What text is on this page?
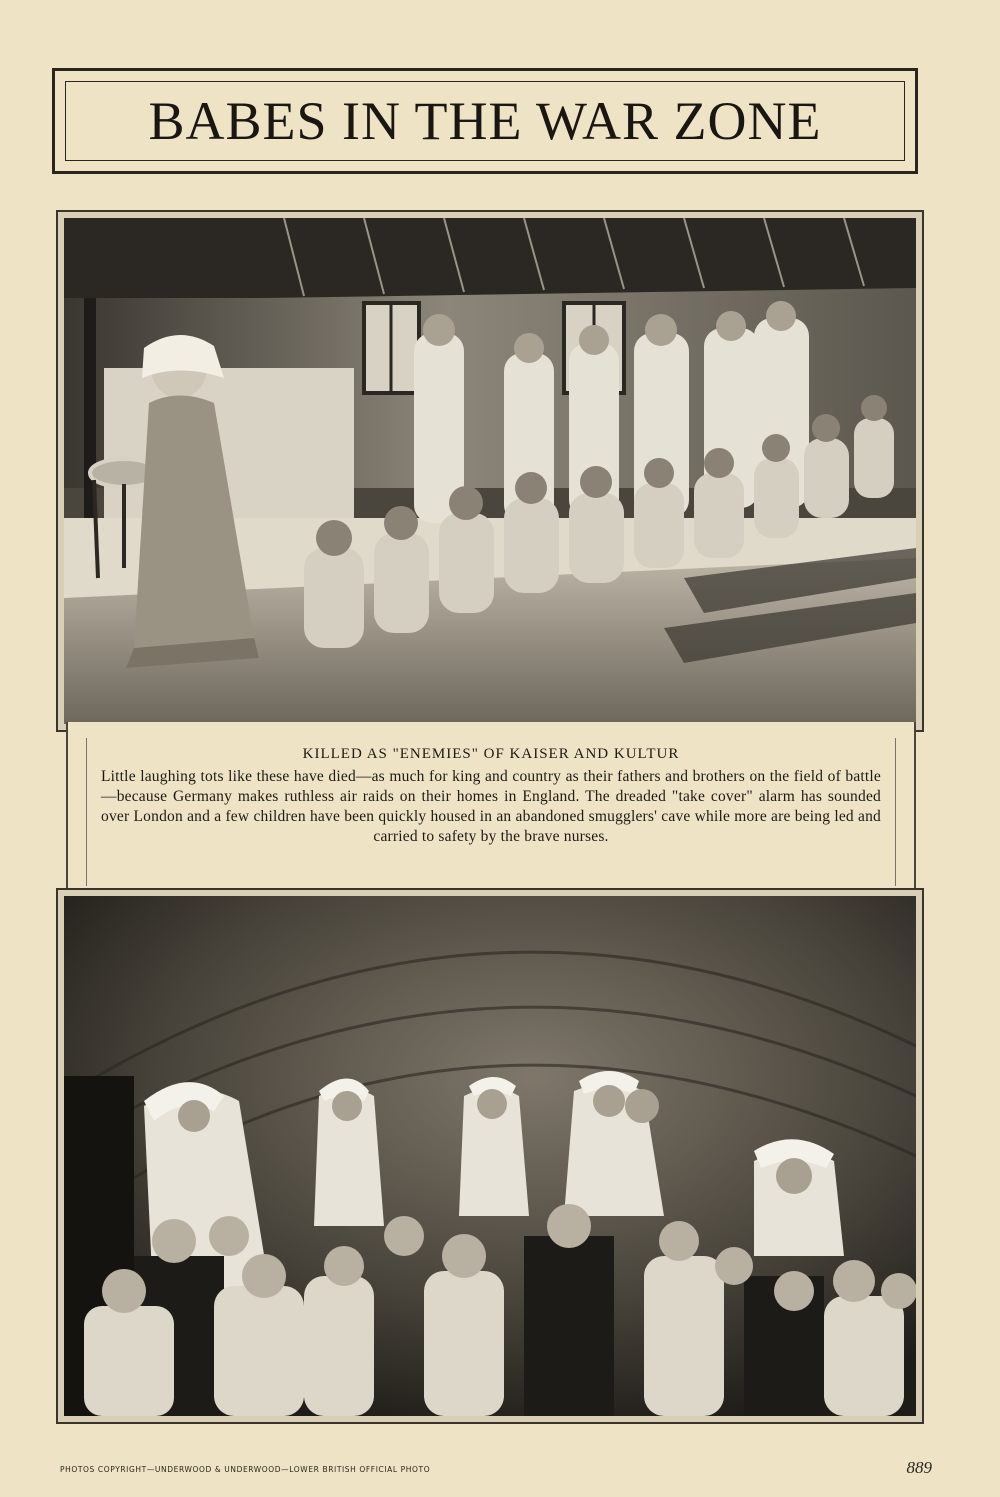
BABES IN THE WAR ZONE
KILLED AS "ENEMIES" OF KAISER AND KULTUR
Little laughing tots like these have died—as much for king and country as their fathers and brothers on the field of battle—because Germany makes ruthless air raids on their homes in England. The dreaded "take cover" alarm has sounded over London and a few children have been quickly housed in an abandoned smugglers' cave while more are being led and carried to safety by the brave nurses.
PHOTOS COPYRIGHT—UNDERWOOD & UNDERWOOD—LOWER BRITISH OFFICIAL PHOTO	889
